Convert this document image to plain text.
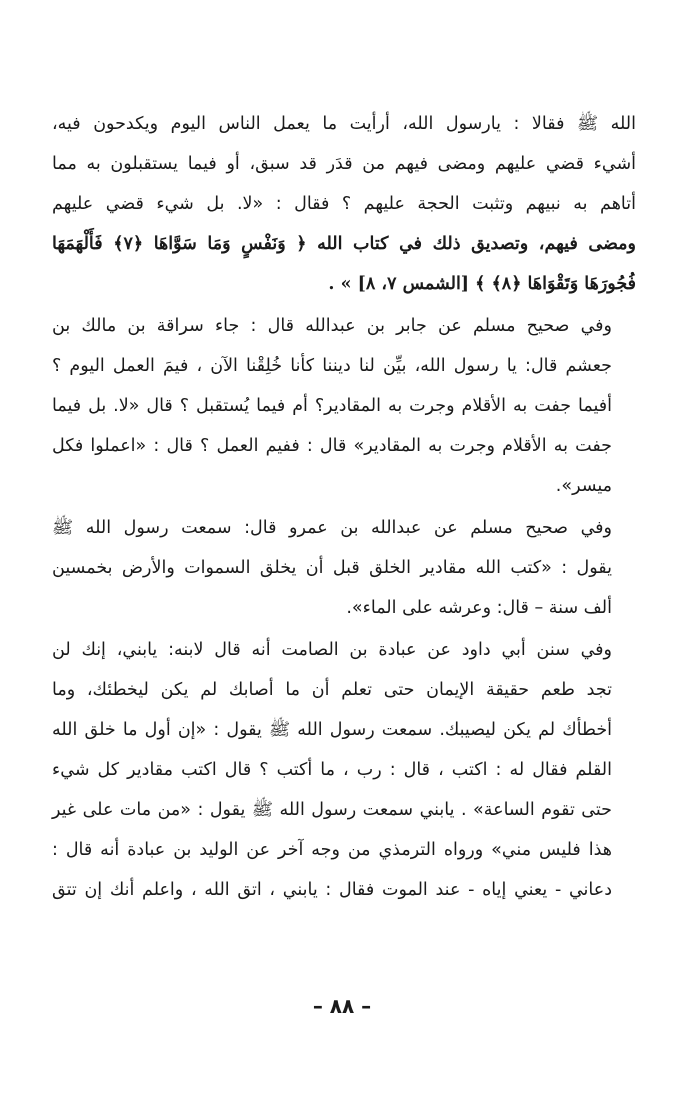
الله ﷺ فقالا : يارسول الله، أرأيت ما يعمل الناس اليوم ويكدحون فيه،
أشيء قضي عليهم ومضى فيهم من قدَر قد سبق، أو فيما يستقبلون به مما
أتاهم به نبيهم وتثبت الحجة عليهم ؟ فقال : «لا. بل شيء قضي عليهم
ومضى فيهم، وتصديق ذلك في كتاب الله ﴿ وَنَفْسٍ وَمَا سَوَّاهَا ﴿٧﴾ فَأَلْهَمَهَا
فُجُورَهَا وَتَقْوَاهَا ﴿٨﴾ ﴾ [الشمس ٧، ٨] » .
وفي صحيح مسلم عن جابر بن عبدالله قال : جاء سراقة بن مالك بن
جعشم قال: يا رسول الله، بيِّن لنا ديننا كأنا خُلِقْنا الآن ، فيمَ العمل اليوم ؟
أفيما جفت به الأقلام وجرت به المقادير؟ أم فيما يُستقبل ؟ قال «لا. بل فيما
جفت به الأقلام وجرت به المقادير» قال : ففيم العمل ؟ قال : «اعملوا فكل
ميسر».
وفي صحيح مسلم عن عبدالله بن عمرو قال: سمعت رسول الله ﷺ
يقول : «كتب الله مقادير الخلق قبل أن يخلق السموات والأرض بخمسين
ألف سنة – قال: وعرشه على الماء».
وفي سنن أبي داود عن عبادة بن الصامت أنه قال لابنه: يابني، إنك لن
تجد طعم حقيقة الإيمان حتى تعلم أن ما أصابك لم يكن ليخطئك، وما
أخطأك لم يكن ليصيبك. سمعت رسول الله ﷺ يقول : «إن أول ما خلق الله
القلم فقال له : اكتب ، قال : رب ، ما أكتب ؟ قال اكتب مقادير كل شيء
حتى تقوم الساعة» . يابني سمعت رسول الله ﷺ يقول : «من مات على غير
هذا فليس مني» ورواه الترمذي من وجه آخر عن الوليد بن عبادة أنه قال :
دعاني - يعني إياه - عند الموت فقال : يابني ، اتق الله ، واعلم أنك إن تتق
– ٨٨ –
